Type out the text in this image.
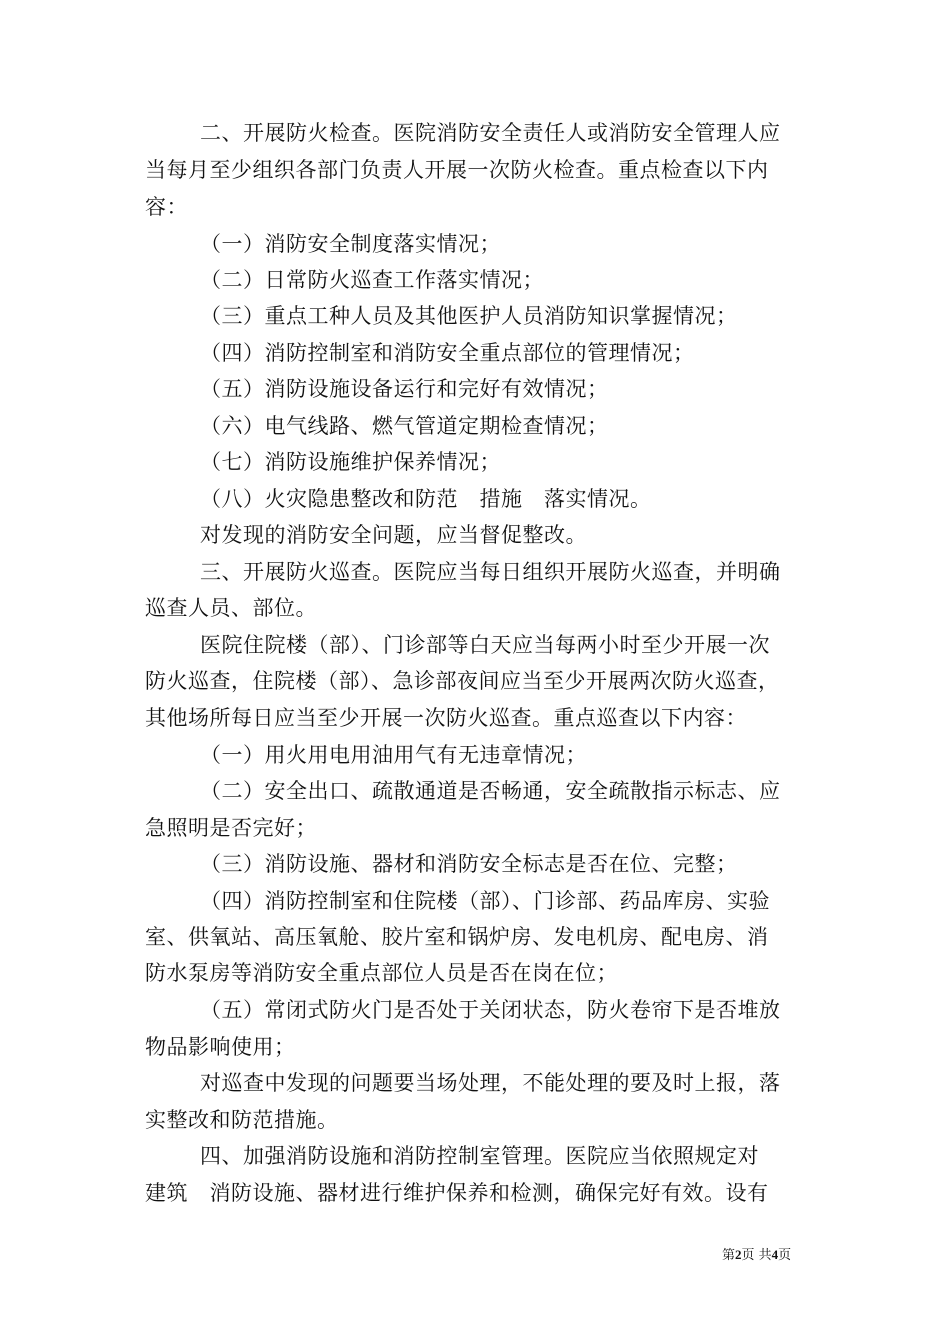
二、开展防火检查。医院消防安全责任人或消防安全管理人应
当每月至少组织各部门负责人开展一次防火检查。重点检查以下内
容：
（一）消防安全制度落实情况；
（二）日常防火巡查工作落实情况；
（三）重点工种人员及其他医护人员消防知识掌握情况；
（四）消防控制室和消防安全重点部位的管理情况；
（五）消防设施设备运行和完好有效情况；
（六）电气线路、燃气管道定期检查情况；
（七）消防设施维护保养情况；
（八）火灾隐患整改和防范　措施　落实情况。
对发现的消防安全问题，应当督促整改。
三、开展防火巡查。医院应当每日组织开展防火巡查，并明确
巡查人员、部位。
医院住院楼（部）、门诊部等白天应当每两小时至少开展一次
防火巡查，住院楼（部）、急诊部夜间应当至少开展两次防火巡查，
其他场所每日应当至少开展一次防火巡查。重点巡查以下内容：
（一）用火用电用油用气有无违章情况；
（二）安全出口、疏散通道是否畅通，安全疏散指示标志、应
急照明是否完好；
（三）消防设施、器材和消防安全标志是否在位、完整；
（四）消防控制室和住院楼（部）、门诊部、药品库房、实验
室、供氧站、高压氧舱、胶片室和锅炉房、发电机房、配电房、消
防水泵房等消防安全重点部位人员是否在岗在位；
（五）常闭式防火门是否处于关闭状态，防火卷帘下是否堆放
物品影响使用；
对巡查中发现的问题要当场处理，不能处理的要及时上报，落
实整改和防范措施。
四、加强消防设施和消防控制室管理。医院应当依照规定对
建筑　消防设施、器材进行维护保养和检测，确保完好有效。设有
第2页 共4页
